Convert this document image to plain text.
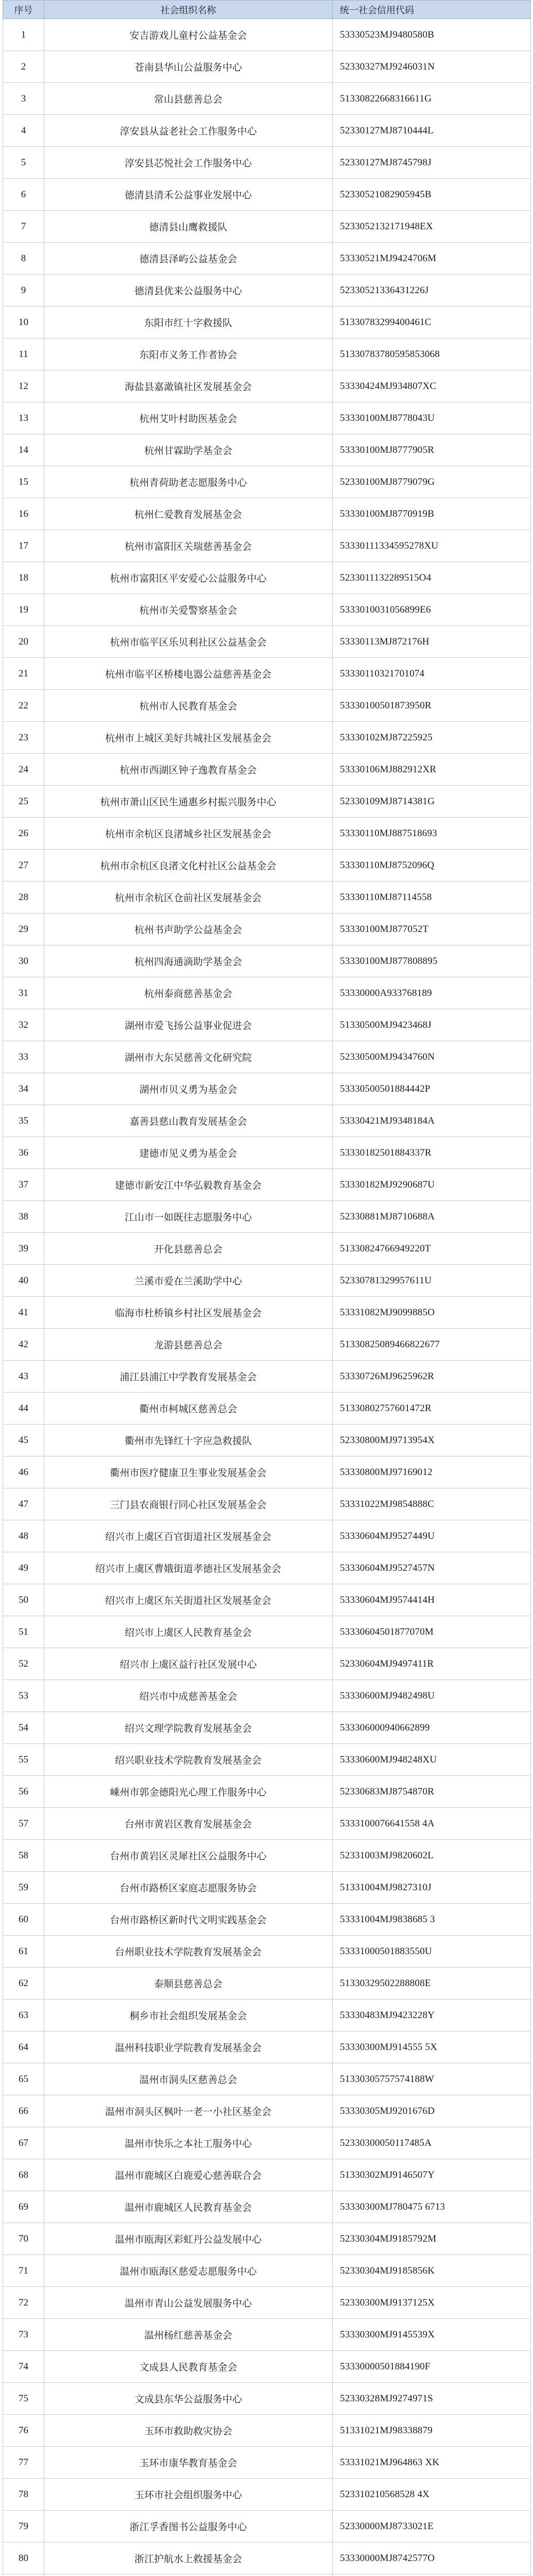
序号	社会组织名称	统一社会信用代码
1	安吉游戏儿童村公益基金会	53330523MJ9480580B
2	苍南县华山公益服务中心	52330327MJ9246031N
3	常山县慈善总会	51330822668316611G
4	淳安县从益老社会工作服务中心	52330127MJ8710444L
5	淳安县芯悦社会工作服务中心	52330127MJ8745798J
6	德清县清禾公益事业发展中心	52330521082905945B
7	德清县山鹰救援队	5233052132171948EX
8	德清县泽屿公益基金会	53330521MJ9424706M
9	德清县优来公益服务中心	52330521336431226J
10	东阳市红十字救援队	51330783299400461C
11	东阳市义务工作者协会	51330783780595853068
12	海盐县嘉澉镇社区发展基金会	53330424MJ934807XC
13	杭州艾叶村助医基金会	53330100MJ8778043U
14	杭州甘霖助学基金会	53330100MJ8777905R
15	杭州青荷助老志愿服务中心	52330100MJ8779079G
16	杭州仁爱教育发展基金会	53330100MJ8770919B
17	杭州市富阳区关瑞慈善基金会	53330111334595278XU
18	杭州市富阳区平安爱心公益服务中心	5233011132289515O4
19	杭州市关爱警察基金会	5333010031056899E6
20	杭州市临平区乐贝利社区公益基金会	53330113MJ872176H
21	杭州市临平区桥楼电器公益慈善基金会	53330110321701074
22	杭州市人民教育基金会	53330100501873950R
23	杭州市上城区美好共城社区发展基金会	53330102MJ87225925
24	杭州市西湖区钟子逸教育基金会	53330106MJ882912XR
25	杭州市萧山区民生通惠乡村振兴服务中心	52330109MJ8714381G
26	杭州市余杭区良渚城乡社区发展基金会	53330110MJ887518693
27	杭州市余杭区良渚文化村社区公益基金会	53330110MJ8752096Q
28	杭州市余杭区仓前社区发展基金会	53330110MJ87114558
29	杭州书声助学公益基金会	53330100MJ877052T
30	杭州四海通滴助学基金会	53330100MJ877808895
31	杭州泰商慈善基金会	53330000A933768189
32	湖州市爱飞扬公益事业促进会	51330500MJ9423468J
33	湖州市大东吴慈善文化研究院	52330500MJ9434760N
34	湖州市贝义勇为基金会	53330500501884442P
35	嘉善县慈山教育发展基金会	53330421MJ9348184A
36	建德市见义勇为基金会	53330182501884337R
37	建德市新安江中华弘毅教育基金会	53330182MJ9290687U
38	江山市一如既往志愿服务中心	52330881MJ8710688A
39	开化县慈善总会	51330824766949220T
40	兰溪市爱在兰溪助学中心	52330781329957611U
41	临海市杜桥镇乡村社区发展基金会	53331082MJ9099885O
42	龙游县慈善总会	51330825089466822677
43	浦江县浦江中学教育发展基金会	53330726MJ9625962R
44	衢州市柯城区慈善总会	51330802757601472R
45	衢州市先锋红十字应急救援队	52330800MJ9713954X
46	衢州市医疗健康卫生事业发展基金会	53330800MJ97169012
47	三门县农商银行同心社区发展基金会	53331022MJ9854888C
48	绍兴市上虞区百官街道社区发展基金会	53330604MJ9527449U
49	绍兴市上虞区曹娥街道孝德社区发展基金会	53330604MJ9527457N
50	绍兴市上虞区东关街道社区发展基金会	53330604MJ9574414H
51	绍兴市上虞区人民教育基金会	53330604501877070M
52	绍兴市上虞区益行社区发展中心	52330604MJ9497411R
53	绍兴市中成慈善基金会	53330600MJ9482498U
54	绍兴文理学院教育发展基金会	533306000940662899
55	绍兴职业技术学院教育发展基金会	53330600MJ948248XU
56	嵊州市郭金德阳光心理工作服务中心	52330683MJ8754870R
57	台州市黄岩区教育发展基金会	5333100076641558 4A
58	台州市黄岩区灵犀社区公益服务中心	52331003MJ9820602L
59	台州市路桥区家庭志愿服务协会	51331004MJ9827310J
60	台州市路桥区新时代文明实践基金会	53331004MJ9838685 3
61	台州职业技术学院教育发展基金会	53331000501883550U
62	泰顺县慈善总会	51330329502288808E
63	桐乡市社会组织发展基金会	53330483MJ9423228Y
64	温州科技职业学院教育发展基金会	53330300MJ914555 5X
65	温州市洞头区慈善总会	51330305757574188W
66	温州市洞头区枫叶一老一小社区基金会	53330305MJ9201676D
67	温州市快乐之本社工服务中心	52330300050117485A
68	温州市鹿城区白鹿爱心慈善联合会	51330302MJ9146507Y
69	温州市鹿城区人民教育基金会	53330300MJ780475 6713
70	温州市瓯海区彩虹丹公益发展中心	52330304MJ9185792M
71	温州市瓯海区慈爱志愿服务中心	52330304MJ9185856K
72	温州市青山公益发展服务中心	52330300MJ9137125X
73	温州杨红慈善基金会	53330300MJ9145539X
74	文成县人民教育基金会	53330000501884190F
75	文成县东华公益服务中心	52330328MJ9274971S
76	玉环市救助救灾协会	51331021MJ98338879
77	玉环市康华教育基金会	53331021MJ964863 XK
78	玉环市社会组织服务中心	523310210568528 4X
79	浙江孚香图书公益服务中心	52330000MJ8733021E
80	浙江护航水上救援基金会	53330000MJ8742577O
